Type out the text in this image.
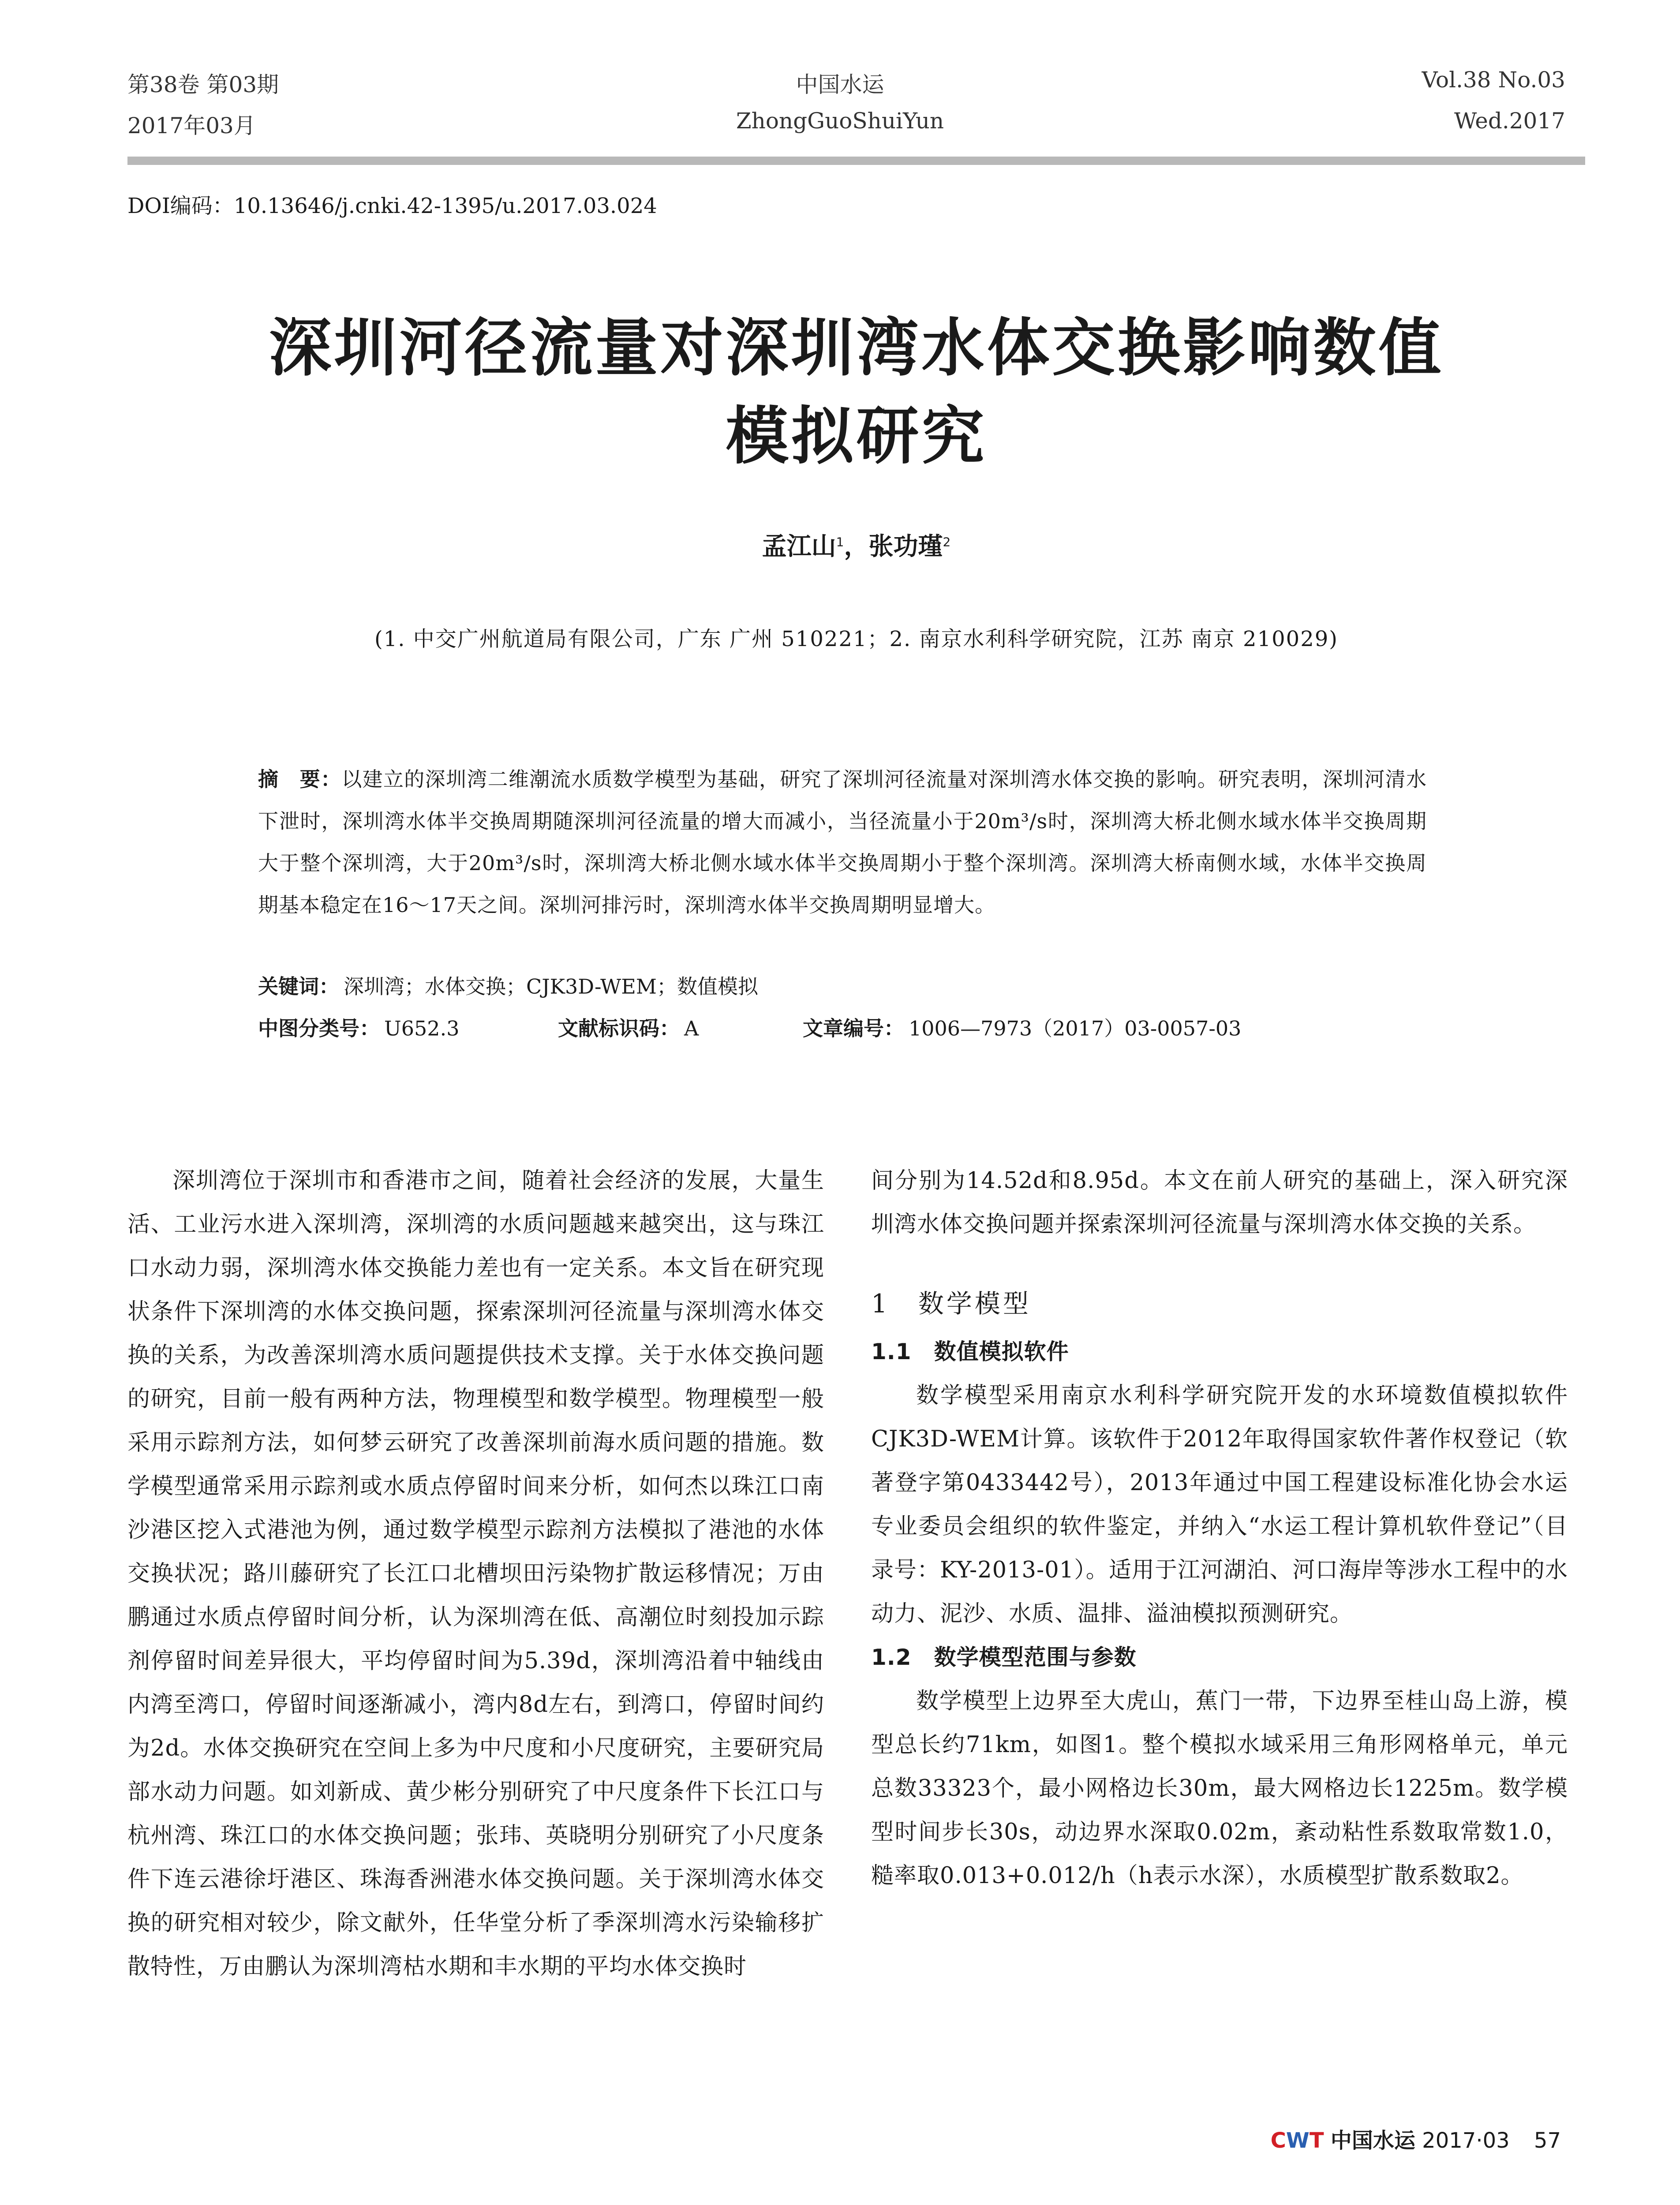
第38卷 第03期
2017年03月
中国水运
ZhongGuoShuiYun
Vol.38 No.03
Wed.2017
DOI编码：10.13646/j.cnki.42-1395/u.2017.03.024
深圳河径流量对深圳湾水体交换影响数值
模拟研究
孟江山$^1$，张功瑾$^2$
(1. 中交广州航道局有限公司，广东 广州 510221；2. 南京水利科学研究院，江苏 南京 210029)
摘　要：以建立的深圳湾二维潮流水质数学模型为基础，研究了深圳河径流量对深圳湾水体交换的影响。研究表明，深圳河清水下泄时，深圳湾水体半交换周期随深圳河径流量的增大而减小，当径流量小于20m³/s时，深圳湾大桥北侧水域水体半交换周期大于整个深圳湾，大于20m³/s时，深圳湾大桥北侧水域水体半交换周期小于整个深圳湾。深圳湾大桥南侧水域，水体半交换周期基本稳定在16～17天之间。深圳河排污时，深圳湾水体半交换周期明显增大。
关键词： 深圳湾；水体交换；CJK3D-WEM；数值模拟
中图分类号： U652.3	文献标识码： A	文章编号： 1006—7973（2017）03-0057-03

深圳湾位于深圳市和香港市之间，随着社会经济的发展，大量生活、工业污水进入深圳湾，深圳湾的水质问题越来越突出，这与珠江口水动力弱，深圳湾水体交换能力差也有一定关系。本文旨在研究现状条件下深圳湾的水体交换问题，探索深圳河径流量与深圳湾水体交换的关系，为改善深圳湾水质问题提供技术支撑。关于水体交换问题的研究，目前一般有两种方法，物理模型和数学模型。物理模型一般采用示踪剂方法，如何梦云研究了改善深圳前海水质问题的措施。数学模型通常采用示踪剂或水质点停留时间来分析，如何杰以珠江口南沙港区挖入式港池为例，通过数学模型示踪剂方法模拟了港池的水体交换状况；路川藤研究了长江口北槽坝田污染物扩散运移情况；万由鹏通过水质点停留时间分析，认为深圳湾在低、高潮位时刻投加示踪剂停留时间差异很大，平均停留时间为5.39d，深圳湾沿着中轴线由内湾至湾口，停留时间逐渐减小，湾内8d左右，到湾口，停留时间约为2d。水体交换研究在空间上多为中尺度和小尺度研究，主要研究局部水动力问题。如刘新成、黄少彬分别研究了中尺度条件下长江口与杭州湾、珠江口的水体交换问题；张玮、英晓明分别研究了小尺度条件下连云港徐圩港区、珠海香洲港水体交换问题。关于深圳湾水体交换的研究相对较少，除文献外，任华堂分析了季深圳湾水污染输移扩散特性，万由鹏认为深圳湾枯水期和丰水期的平均水体交换时

间分别为14.52d和8.95d。本文在前人研究的基础上，深入研究深圳湾水体交换问题并探索深圳河径流量与深圳湾水体交换的关系。

1　数学模型
1.1　数值模拟软件

数学模型采用南京水利科学研究院开发的水环境数值模拟软件CJK3D-WEM计算。该软件于2012年取得国家软件著作权登记（软著登字第0433442号），2013年通过中国工程建设标准化协会水运专业委员会组织的软件鉴定，并纳入“水运工程计算机软件登记”（目录号：KY-2013-01）。适用于江河湖泊、河口海岸等涉水工程中的水动力、泥沙、水质、温排、溢油模拟预测研究。

1.2　数学模型范围与参数

数学模型上边界至大虎山，蕉门一带，下边界至桂山岛上游，模型总长约71km，如图1。整个模拟水域采用三角形网格单元，单元总数33323个，最小网格边长30m，最大网格边长1225m。数学模型时间步长30s，动边界水深取0.02m，紊动粘性系数取常数1.0，糙率取0.013+0.012/h（h表示水深），水质模型扩散系数取2。

CWT 中国水运 2017·03 57
